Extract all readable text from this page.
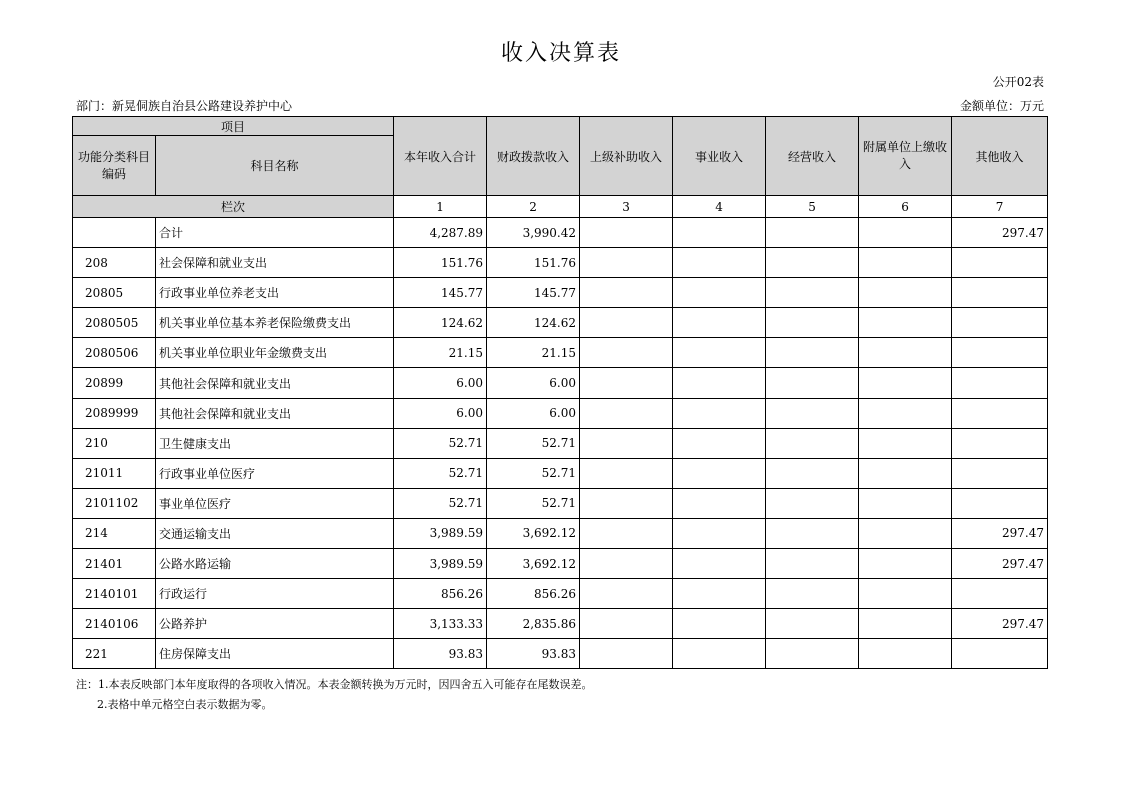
收入决算表
公开02表
部门：新晃侗族自治县公路建设养护中心	金额单位：万元
项目		本年收入合计	财政拨款收入	上级补助收入	事业收入	经营收入	附属单位上缴收入	其他收入
功能分类科目编码	科目名称							
栏次		1	2	3	4	5	6	7
	合计	4,287.89	3,990.42					297.47
208	社会保障和就业支出	151.76	151.76					
20805	行政事业单位养老支出	145.77	145.77					
2080505	机关事业单位基本养老保险缴费支出	124.62	124.62					
2080506	机关事业单位职业年金缴费支出	21.15	21.15					
20899	其他社会保障和就业支出	6.00	6.00					
2089999	其他社会保障和就业支出	6.00	6.00					
210	卫生健康支出	52.71	52.71					
21011	行政事业单位医疗	52.71	52.71					
2101102	事业单位医疗	52.71	52.71					
214	交通运输支出	3,989.59	3,692.12					297.47
21401	公路水路运输	3,989.59	3,692.12					297.47
2140101	行政运行	856.26	856.26					
2140106	公路养护	3,133.33	2,835.86					297.47
221	住房保障支出	93.83	93.83					
注：1.本表反映部门本年度取得的各项收入情况。本表金额转换为万元时，因四舍五入可能存在尾数误差。
2.表格中单元格空白表示数据为零。
